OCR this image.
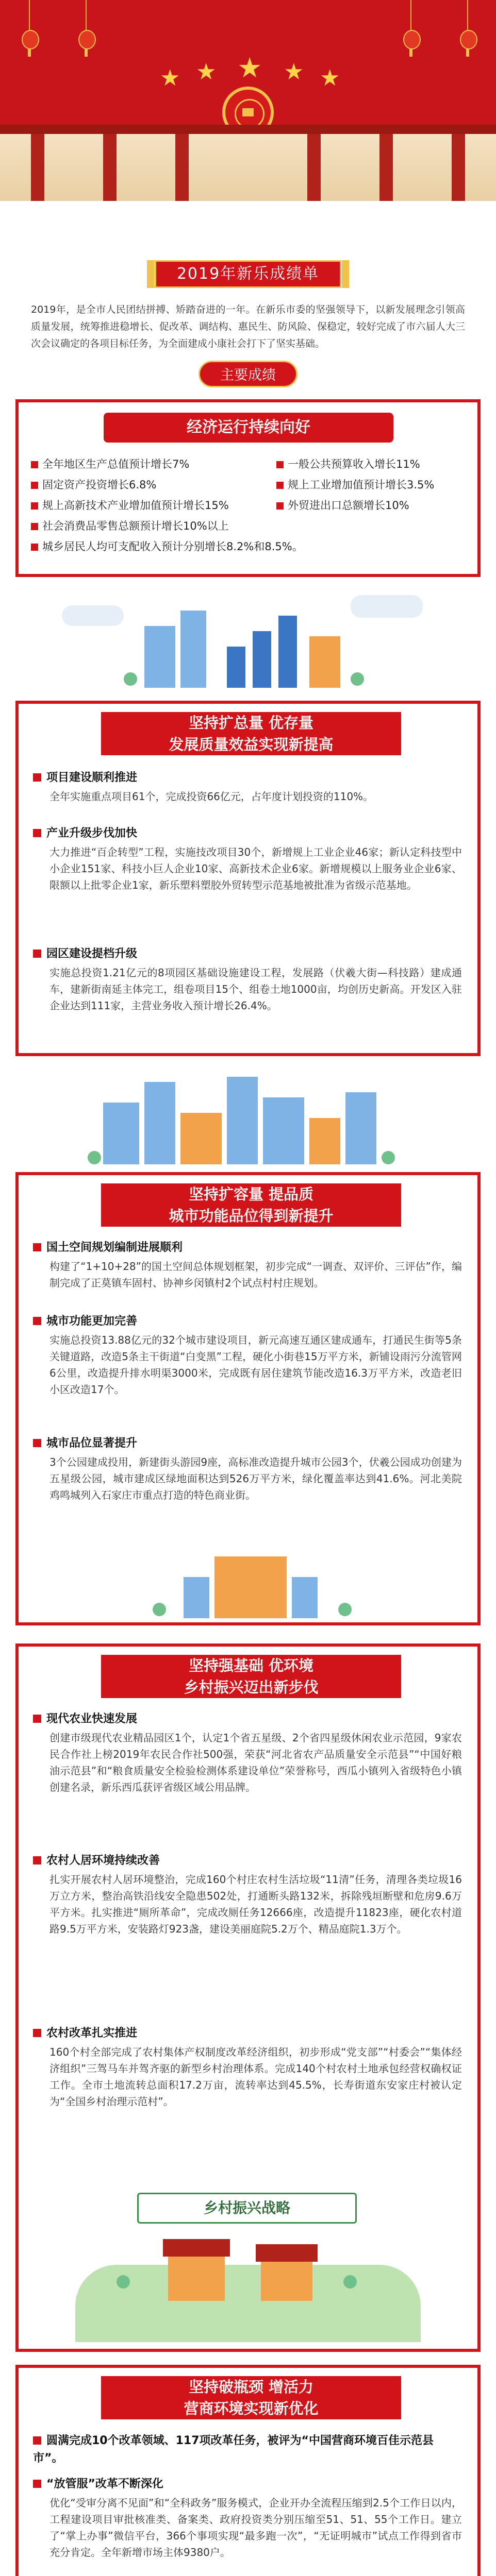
★ ★ ★ ★ ★
2019年新乐成绩单
2019年，是全市人民团结拼搏、矫踏奋进的一年。在新乐市委的坚强领导下，以新发展理念引领高质量发展，统筹推进稳增长、促改革、调结构、惠民生、防风险、保稳定，较好完成了市六届人大三次会议确定的各项目标任务，为全面建成小康社会打下了坚实基础。
主要成绩
经济运行持续向好
全年地区生产总值预计增长7%
固定资产投资增长6.8%
规上高新技术产业增加值预计增长15%
社会消费品零售总额预计增长10%以上
城乡居民人均可支配收入预计分别增长8.2%和8.5%。
一般公共预算收入增长11%
规上工业增加值预计增长3.5%
外贸进出口总额增长10%
坚持扩总量 优存量
发展质量效益实现新提高
项目建设顺利推进
全年实施重点项目61个，完成投资66亿元，占年度计划投资的110%。
产业升级步伐加快
大力推进“百企转型”工程，实施技改项目30个，新增规上工业企业46家；新认定科技型中小企业151家、科技小巨人企业10家、高新技术企业6家。新增规模以上服务业企业6家、限额以上批零企业1家，新乐塑料塑胶外贸转型示范基地被批准为省级示范基地。
园区建设提档升级
实施总投资1.21亿元的8项园区基础设施建设工程，发展路（伏羲大街—科技路）建成通车，建新街南延主体完工，组卷项目15个、组卷土地1000亩，均创历史新高。开发区入驻企业达到111家，主营业务收入预计增长26.4%。
坚持扩容量 提品质
城市功能品位得到新提升
国土空间规划编制进展顺利
构建了“1+10+28”的国土空间总体规划框架，初步完成“一调查、双评价、三评估”作，编制完成了正莫镇车固村、协神乡闵镇村2个试点村村庄规划。
城市功能更加完善
实施总投资13.88亿元的32个城市建设项目，新元高速互通区建成通车，打通民生街等5条关键道路，改造5条主干街道“白变黑”工程，硬化小街巷15万平方米，新铺设雨污分流管网6公里，改造提升排水明渠3000米，完成既有居住建筑节能改造16.3万平方米，改造老旧小区改造17个。
城市品位显著提升
3个公园建成投用，新建街头游园9座，高标准改造提升城市公园3个，伏羲公园成功创建为五星级公园，城市建成区绿地面积达到526万平方米，绿化覆盖率达到41.6%。河北美院鸡鸣城列入石家庄市重点打造的特色商业街。
坚持强基础 优环境
乡村振兴迈出新步伐
现代农业快速发展
创建市级现代农业精品园区1个，认定1个省五星级、2个省四星级休闲农业示范园，9家农民合作社上榜2019年农民合作社500强，荣获“河北省农产品质量安全示范县”“中国好粮油示范县”和“粮食质量安全检验检测体系建设单位”荣誉称号，西瓜小镇列入省级特色小镇创建名录，新乐西瓜获评省级区域公用品牌。
农村人居环境持续改善
扎实开展农村人居环境整治，完成160个村庄农村生活垃圾“11清”任务，清理各类垃圾16万立方米，整治高铁沿线安全隐患502处，打通断头路132米，拆除残垣断壁和危房9.6万平方米。扎实推进“厕所革命”，完成改厕任务12666座，改造提升11823座，硬化农村道路9.5万平方米，安装路灯923盏，建设美丽庭院5.2万个、精品庭院1.3万个。
农村改革扎实推进
160个村全部完成了农村集体产权制度改革经济组织，初步形成“党支部”“村委会”“集体经济组织”三驾马车并驾齐驱的新型乡村治理体系。完成140个村农村土地承包经营权确权证工作。全市土地流转总面积17.2万亩，流转率达到45.5%，长寿街道东安家庄村被认定为“全国乡村治理示范村”。
乡村振兴战略
坚持破瓶颈 增活力
营商环境实现新优化
圆满完成10个改革领域、117项改革任务，被评为“中国营商环境百佳示范县市”。
“放管服”改革不断深化
优化“受审分离不见面”和“全科政务”服务模式，企业开办全流程压缩到2.5个工作日以内，工程建设项目审批核准类、备案类、政府投资类分别压缩至51、51、55个工作日。建立了“掌上办事”微信平台，366个事项实现“最多跑一次”，“无证明城市”试点工作得到省市充分肯定。全年新增市场主体9380户。
